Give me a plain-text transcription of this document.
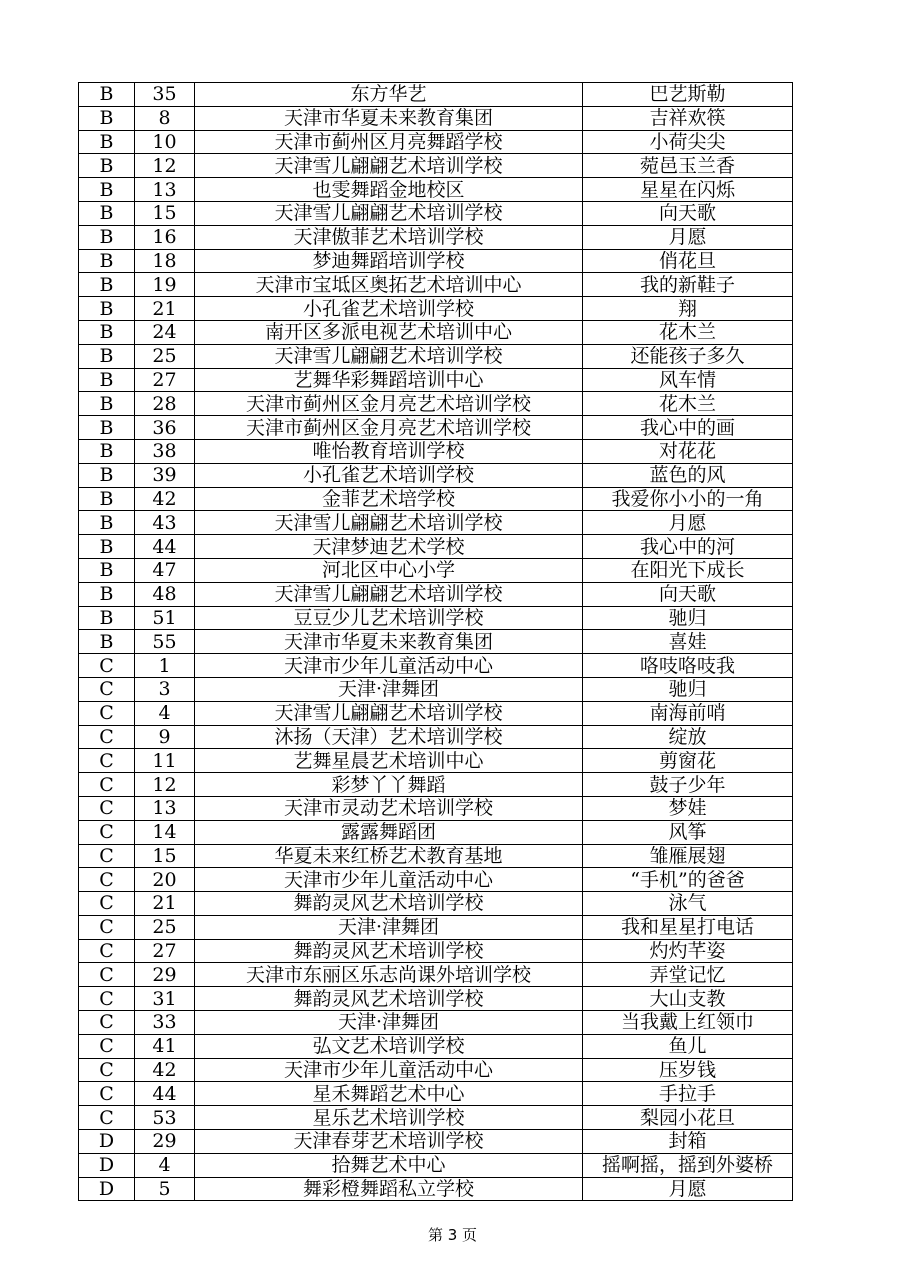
B	35	东方华艺	巴艺斯勒
B	8	天津市华夏未来教育集团	吉祥欢筷
B	10	天津市蓟州区月亮舞蹈学校	小荷尖尖
B	12	天津雪儿翩翩艺术培训学校	菀邑玉兰香
B	13	也雯舞蹈金地校区	星星在闪烁
B	15	天津雪儿翩翩艺术培训学校	向天歌
B	16	天津傲菲艺术培训学校	月愿
B	18	梦迪舞蹈培训学校	俏花旦
B	19	天津市宝坻区奥拓艺术培训中心	我的新鞋子
B	21	小孔雀艺术培训学校	翔
B	24	南开区多派电视艺术培训中心	花木兰
B	25	天津雪儿翩翩艺术培训学校	还能孩子多久
B	27	艺舞华彩舞蹈培训中心	风车情
B	28	天津市蓟州区金月亮艺术培训学校	花木兰
B	36	天津市蓟州区金月亮艺术培训学校	我心中的画
B	38	唯怡教育培训学校	对花花
B	39	小孔雀艺术培训学校	蓝色的风
B	42	金菲艺术培学校	我爱你小小的一角
B	43	天津雪儿翩翩艺术培训学校	月愿
B	44	天津梦迪艺术学校	我心中的河
B	47	河北区中心小学	在阳光下成长
B	48	天津雪儿翩翩艺术培训学校	向天歌
B	51	豆豆少儿艺术培训学校	驰归
B	55	天津市华夏未来教育集团	喜娃
C	1	天津市少年儿童活动中心	咯吱咯吱我
C	3	天津·津舞团	驰归
C	4	天津雪儿翩翩艺术培训学校	南海前哨
C	9	沐扬（天津）艺术培训学校	绽放
C	11	艺舞星晨艺术培训中心	剪窗花
C	12	彩梦丫丫舞蹈	鼓子少年
C	13	天津市灵动艺术培训学校	梦娃
C	14	露露舞蹈团	风筝
C	15	华夏未来红桥艺术教育基地	雏雁展翅
C	20	天津市少年儿童活动中心	“手机”的爸爸
C	21	舞韵灵风艺术培训学校	泳气
C	25	天津·津舞团	我和星星打电话
C	27	舞韵灵风艺术培训学校	灼灼芊姿
C	29	天津市东丽区乐志尚课外培训学校	弄堂记忆
C	31	舞韵灵风艺术培训学校	大山支教
C	33	天津·津舞团	当我戴上红领巾
C	41	弘文艺术培训学校	鱼儿
C	42	天津市少年儿童活动中心	压岁钱
C	44	星禾舞蹈艺术中心	手拉手
C	53	星乐艺术培训学校	梨园小花旦
D	29	天津春芽艺术培训学校	封箱
D	4	拾舞艺术中心	摇啊摇，摇到外婆桥
D	5	舞彩橙舞蹈私立学校	月愿
第 3 页
